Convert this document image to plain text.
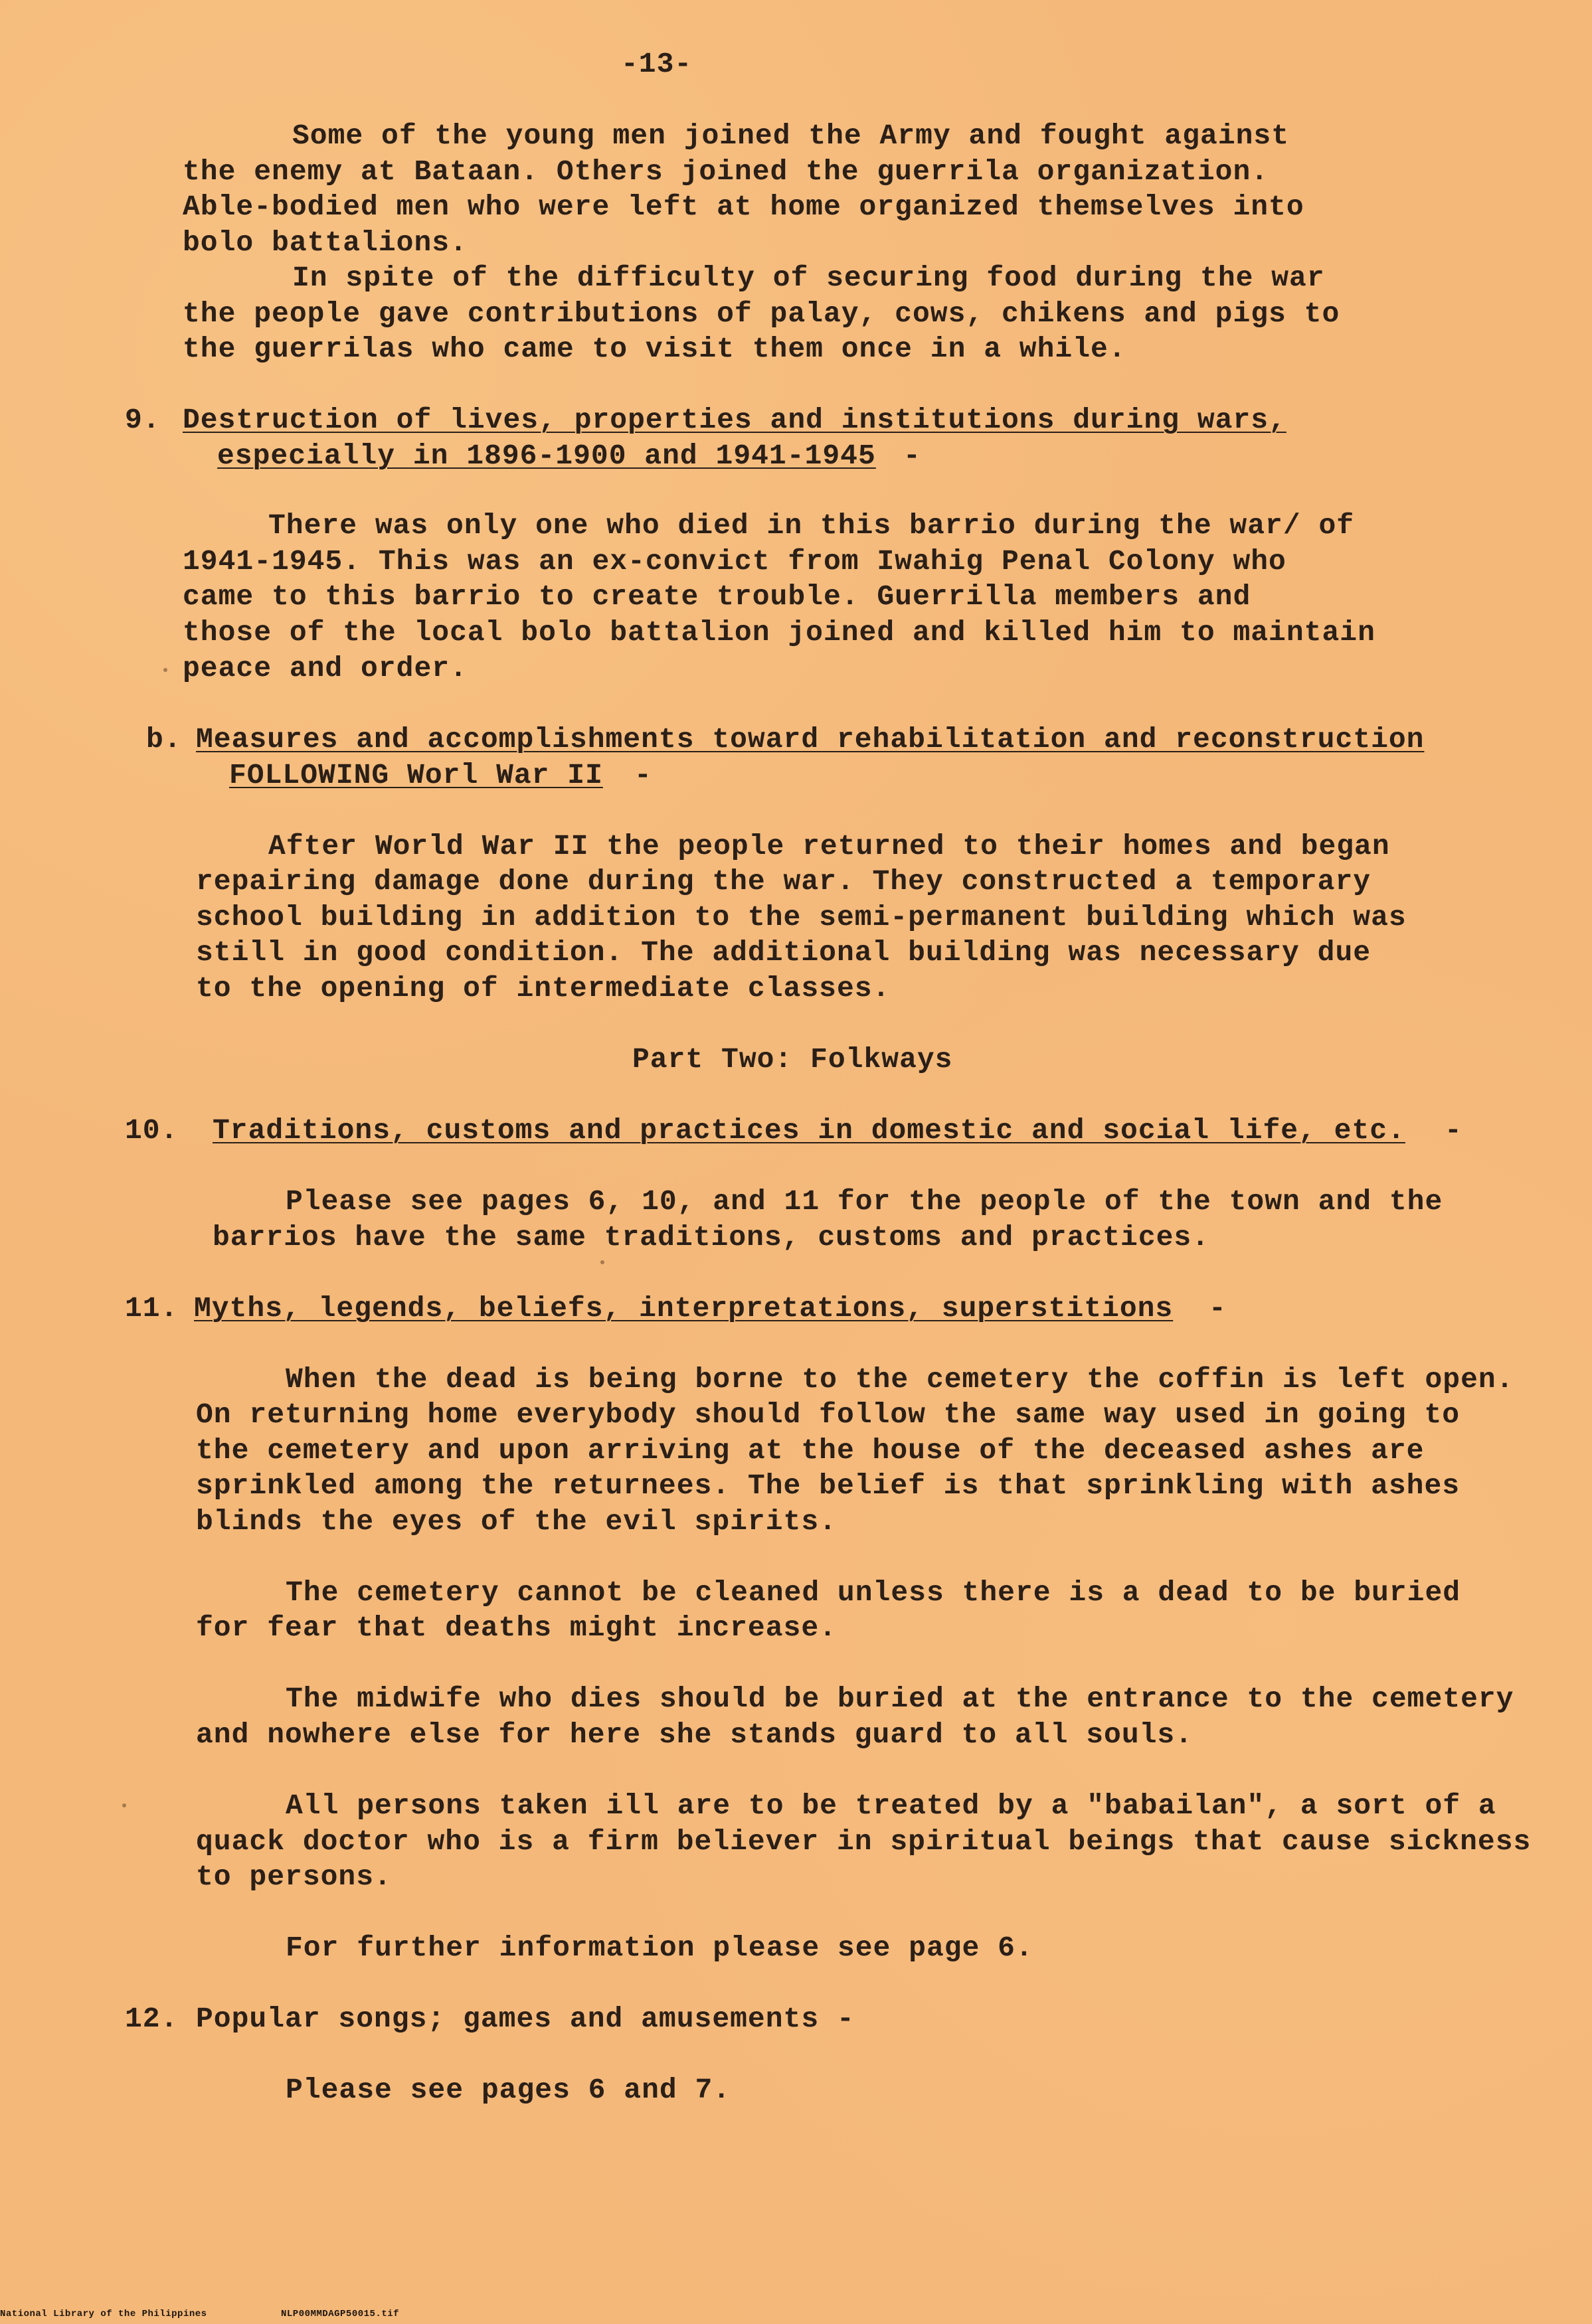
-13-
Some of the young men joined the Army and fought against
the enemy at Bataan. Others joined the guerrila organization.
Able-bodied men who were left at home organized themselves into
bolo battalions.
In spite of the difficulty of securing food during the war
the people gave contributions of palay, cows, chikens and pigs to
the guerrilas who came to visit them once in a while.
9. Destruction of lives, properties and institutions during wars,
especially in 1896-1900 and 1941-1945 -
There was only one who died in this barrio during the war/ of
1941-1945. This was an ex-convict from Iwahig Penal Colony who
came to this barrio to create trouble. Guerrilla members and
those of the local bolo battalion joined and killed him to maintain
peace and order.
b. Measures and accomplishments toward rehabilitation and reconstruction
FOLLOWING Worl War II -
After World War II the people returned to their homes and began
repairing damage done during the war. They constructed a temporary
school building in addition to the semi-permanent building which was
still in good condition. The additional building was necessary due
to the opening of intermediate classes.
Part Two: Folkways
10. Traditions, customs and practices in domestic and social life, etc. -
Please see pages 6, 10, and 11 for the people of the town and the
barrios have the same traditions, customs and practices.
11. Myths, legends, beliefs, interpretations, superstitions -
When the dead is being borne to the cemetery the coffin is left open.
On returning home everybody should follow the same way used in going to
the cemetery and upon arriving at the house of the deceased ashes are
sprinkled among the returnees. The belief is that sprinkling with ashes
blinds the eyes of the evil spirits.
The cemetery cannot be cleaned unless there is a dead to be buried
for fear that deaths might increase.
The midwife who dies should be buried at the entrance to the cemetery
and nowhere else for here she stands guard to all souls.
All persons taken ill are to be treated by a "babailan", a sort of a
quack doctor who is a firm believer in spiritual beings that cause sickness
to persons.
For further information please see page 6.
12. Popular songs; games and amusements -
Please see pages 6 and 7.
National Library of the Philippines	NLP00MMDAGP50015.tif
